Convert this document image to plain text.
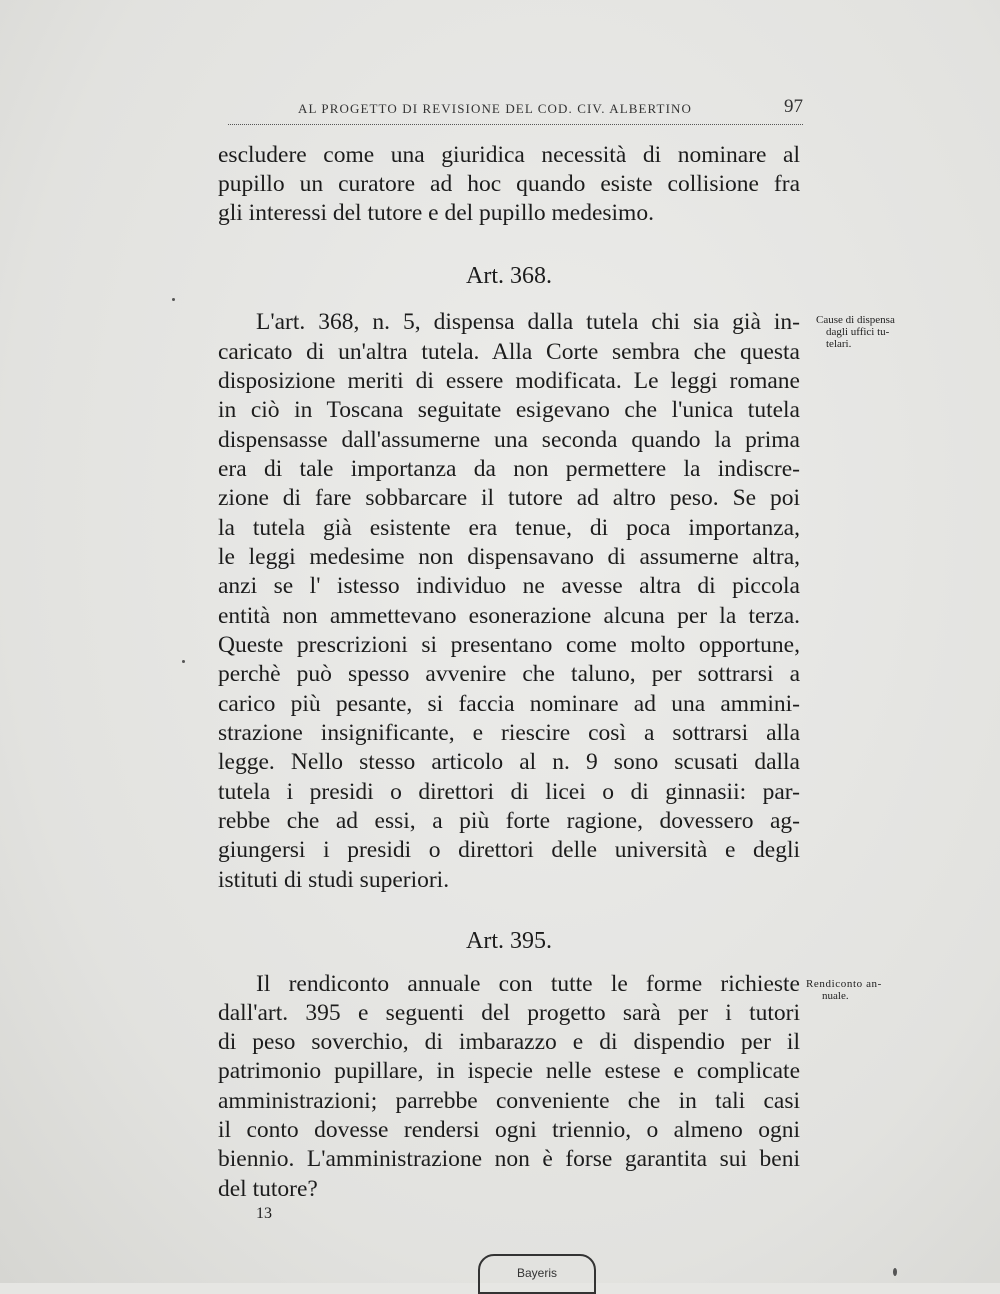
AL PROGETTO DI REVISIONE DEL COD. CIV. ALBERTINO	97
escludere come una giuridica necessità di nominare al
pupillo un curatore ad hoc quando esiste collisione fra
gli interessi del tutore e del pupillo medesimo.
Art. 368.
Cause di dispensa
dagli uffici tu-
telari.
L'art. 368, n. 5, dispensa dalla tutela chi sia già in-
caricato di un'altra tutela. Alla Corte sembra che questa
disposizione meriti di essere modificata. Le leggi romane
in ciò in Toscana seguitate esigevano che l'unica tutela
dispensasse dall'assumerne una seconda quando la prima
era di tale importanza da non permettere la indiscre-
zione di fare sobbarcare il tutore ad altro peso. Se poi
la tutela già esistente era tenue, di poca importanza,
le leggi medesime non dispensavano di assumerne altra,
anzi se l' istesso individuo ne avesse altra di piccola
entità non ammettevano esonerazione alcuna per la terza.
Queste prescrizioni si presentano come molto opportune,
perchè può spesso avvenire che taluno, per sottrarsi a
carico più pesante, si faccia nominare ad una ammini-
strazione insignificante, e riescire così a sottrarsi alla
legge. Nello stesso articolo al n. 9 sono scusati dalla
tutela i presidi o direttori di licei o di ginnasii: par-
rebbe che ad essi, a più forte ragione, dovessero ag-
giungersi i presidi o direttori delle università e degli
istituti di studi superiori.
Art. 395.
Rendiconto an-
nuale.
Il rendiconto annuale con tutte le forme richieste
dall'art. 395 e seguenti del progetto sarà per i tutori
di peso soverchio, di imbarazzo e di dispendio per il
patrimonio pupillare, in ispecie nelle estese e complicate
amministrazioni; parrebbe conveniente che in tali casi
il conto dovesse rendersi ogni triennio, o almeno ogni
biennio. L'amministrazione non è forse garantita sui beni
del tutore?
13
Bayeris
